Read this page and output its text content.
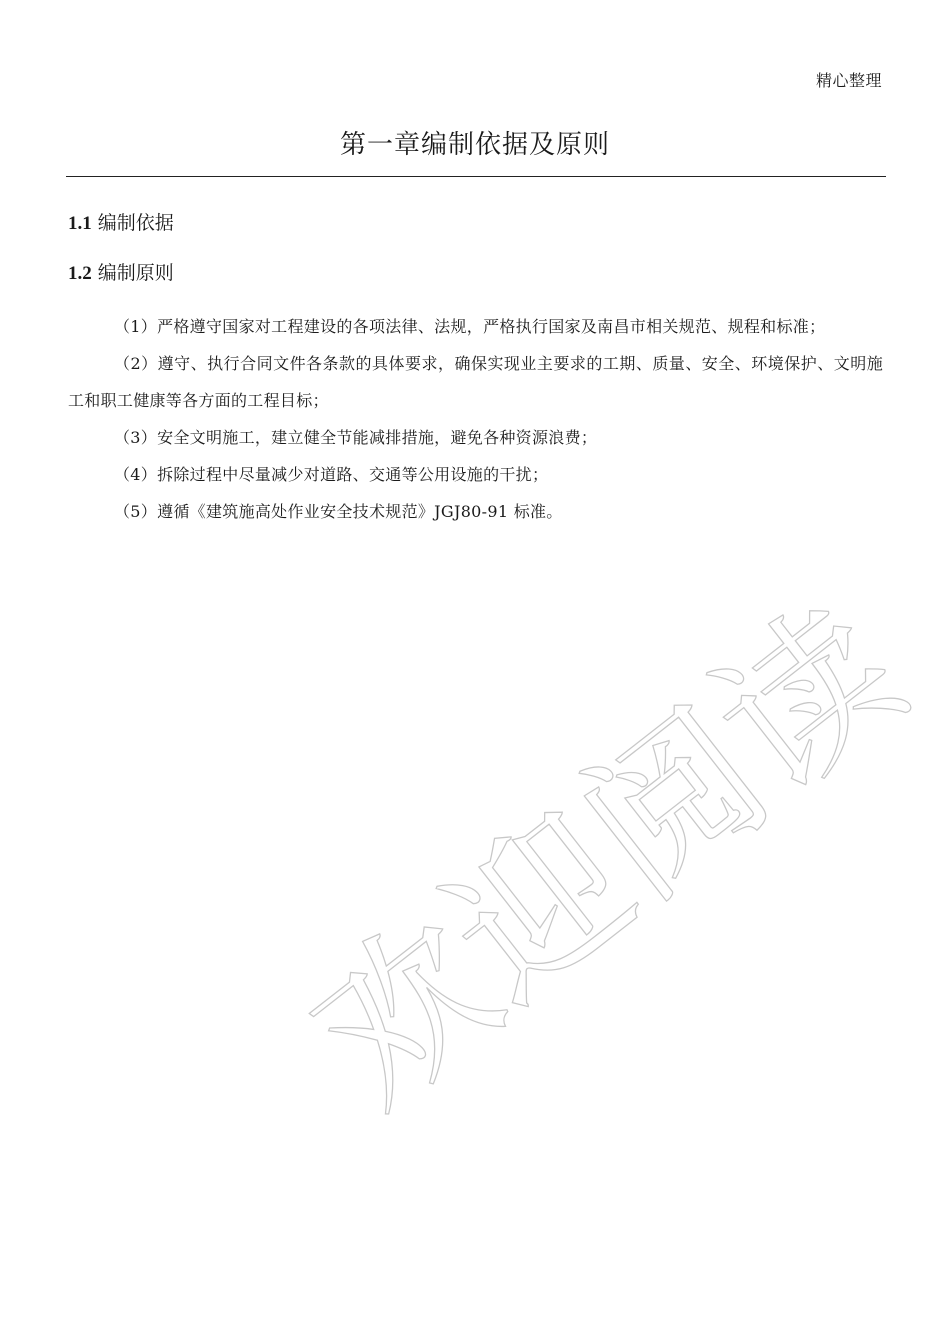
精心整理
第一章编制依据及原则
1.1 编制依据
1.2 编制原则

（1）严格遵守国家对工程建设的各项法律、法规，严格执行国家及南昌市相关规范、规程和标准；

（2）遵守、执行合同文件各条款的具体要求，确保实现业主要求的工期、质量、安全、环境保护、文明施工和职工健康等各方面的工程目标；

（3）安全文明施工，建立健全节能减排措施，避免各种资源浪费；

（4）拆除过程中尽量减少对道路、交通等公用设施的干扰；

（5）遵循《建筑施高处作业安全技术规范》JGJ80-91 标准。

欢迎阅读
